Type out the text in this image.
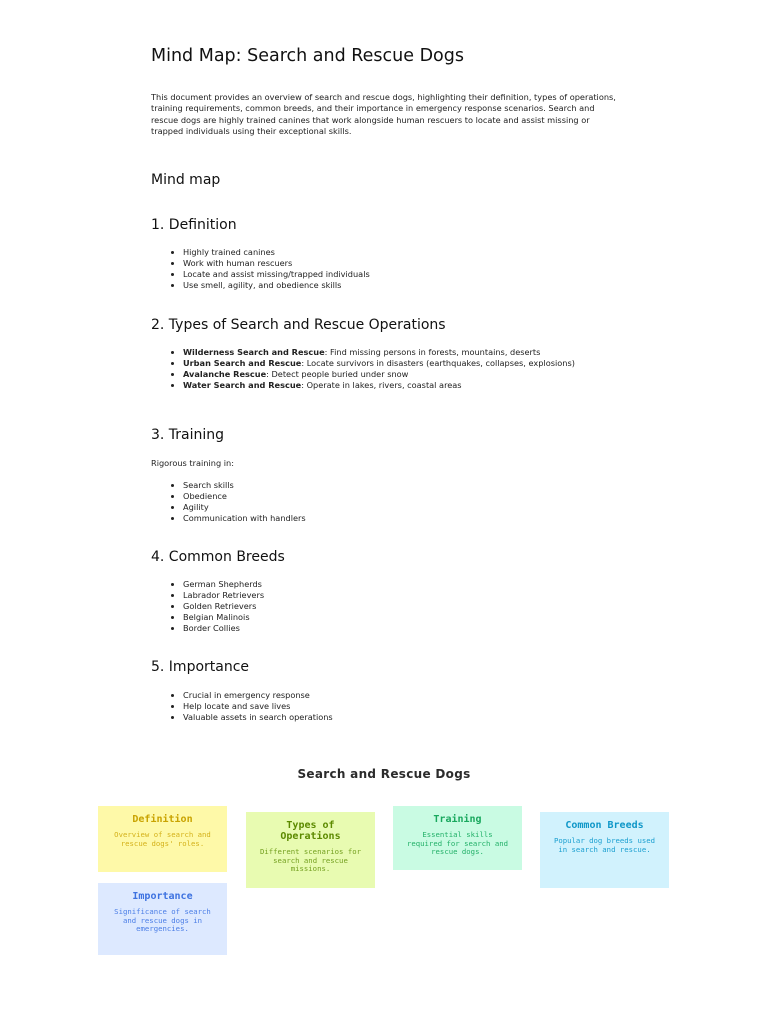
Mind Map: Search and Rescue Dogs

This document provides an overview of search and rescue dogs, highlighting their definition, types of operations, training requirements, common breeds, and their importance in emergency response scenarios. Search and rescue dogs are highly trained canines that work alongside human rescuers to locate and assist missing or trapped individuals using their exceptional skills.

Mind map
1. Definition
• Highly trained canines
• Work with human rescuers
• Locate and assist missing/trapped individuals
• Use smell, agility, and obedience skills
2. Types of Search and Rescue Operations
• Wilderness Search and Rescue: Find missing persons in forests, mountains, deserts
• Urban Search and Rescue: Locate survivors in disasters (earthquakes, collapses, explosions)
• Avalanche Rescue: Detect people buried under snow
• Water Search and Rescue: Operate in lakes, rivers, coastal areas
3. Training

Rigorous training in:

• Search skills
• Obedience
• Agility
• Communication with handlers
4. Common Breeds
• German Shepherds
• Labrador Retrievers
• Golden Retrievers
• Belgian Malinois
• Border Collies
5. Importance
• Crucial in emergency response
• Help locate and save lives
• Valuable assets in search operations
Search and Rescue Dogs
Definition
Overview of search and rescue dogs' roles.
Types of Operations
Different scenarios for search and rescue missions.
Training
Essential skills required for search and rescue dogs.
Common Breeds
Popular dog breeds used in search and rescue.
Importance
Significance of search and rescue dogs in emergencies.
